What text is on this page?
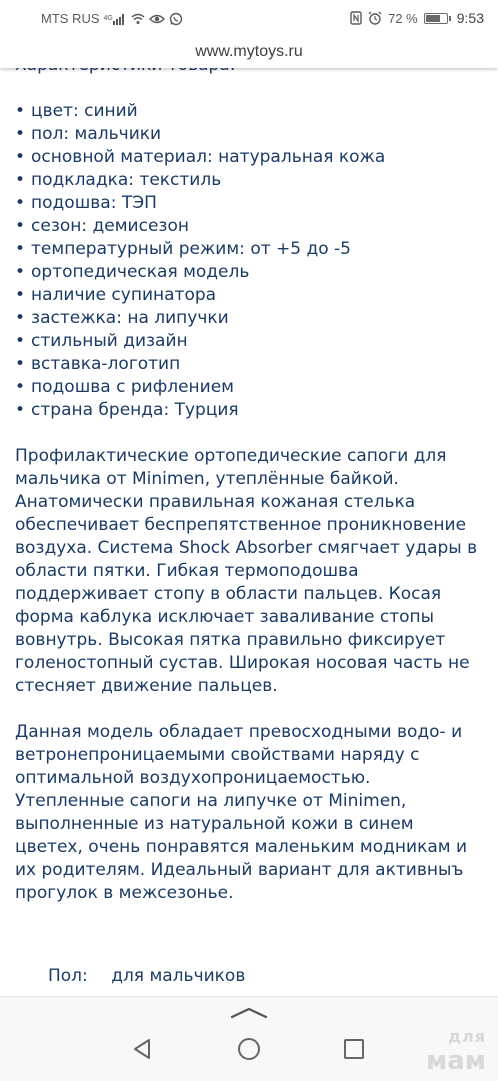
MTS RUS 4G	72 %	9:53
www.mytoys.ru

• цвет: синий
• пол: мальчики
• основной материал: натуральная кожа
• подкладка: текстиль
• подошва: ТЭП
• сезон: демисезон
• температурный режим: от +5 до -5
• ортопедическая модель
• наличие супинатора
• застежка: на липучки
• стильный дизайн
• вставка-логотип
• подошва с рифлением
• страна бренда: Турция

Профилактические ортопедические сапоги для мальчика от Minimen, утеплённые байкой. Анатомически правильная кожаная стелька обеспечивает беспрепятственное проникновение воздуха. Система Shock Absorber смягчает удары в области пятки. Гибкая термоподошва поддерживает стопу в области пальцев. Косая форма каблука исключает заваливание стопы вовнутрь. Высокая пятка правильно фиксирует голеностопный сустав. Широкая носовая часть не стесняет движение пальцев.

Данная модель обладает превосходными водо- и ветронепроницаемыми свойствами наряду с оптимальной воздухопроницаемостью. Утепленные сапоги на липучке от Minimen, выполненные из натуральной кожи в синем цветех, очень понравятся маленьким модникам и их родителям. Идеальный вариант для активныъ прогулок в межсезонье.

Пол: для мальчиков
для
мам
